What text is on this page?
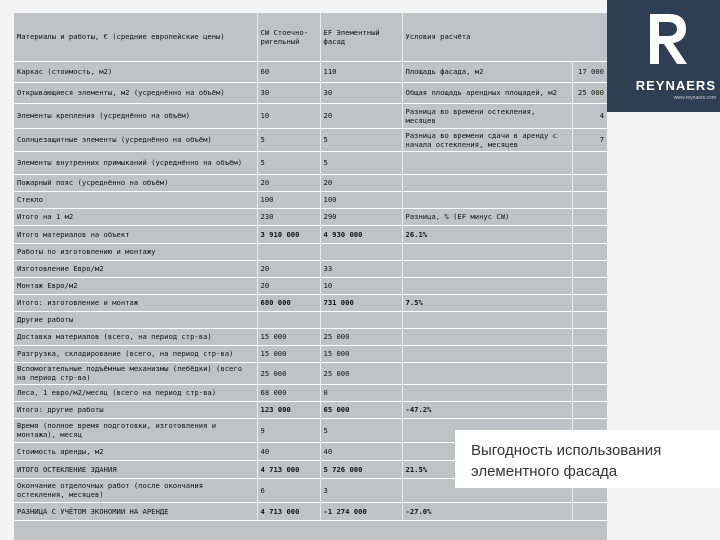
Материалы и работы, € (средние европейские цены)	CW Стоечно-ригельный	EF Элементный фасад	Условия расчёта	
Каркас (стоимость, м2)	60	110	Площадь фасада, м2	17 000
Открывающиеся элементы, м2 (усреднённо на объём)	30	30	Общая площадь арендных площадей, м2	25 000
Элементы крепления (усреднённо на объём)	10	20	Разница во времени остекления, месяцев	4
Солнцезащитные элементы (усреднённо на объём)	5	5	Разница во времени сдачи в аренду с начала остекления, месяцев	7
Элементы внутренних примыканий (усреднённо на объём)	5	5		
Пожарный пояс (усреднённо на объём)	20	20		
Стекло	100	100		
Итого на 1 м2	230	290	Разница, % (EF минус CW)	
Итого материалов на объект	3 910 000	4 930 000	26.1%	
Работы по изготовлению и монтажу				
Изготовление Евро/м2	20	33		
Монтаж Евро/м2	20	10		
Итого: изготовление и монтаж	680 000	731 000	7.5%	
Другие работы				
Доставка материалов (всего, на период стр-ва)	15 000	25 000		
Разгрузка, складирование (всего, на период стр-ва)	15 000	15 000		
Вспомогательные подъёмные механизмы (лебёдки) (всего на период стр-ва)	25 000	25 000		
Леса, 1 евро/м2/месяц (всего на период стр-ва)	68 000	0		
Итого: другие работы	123 000	65 000	-47.2%	
Время (полное время подготовки, изготовления и монтажа), месяц	9	5		
Стоимость аренды, м2	40	40		
ИТОГО ОСТЕКЛЕНИЕ ЗДАНИЯ	4 713 000	5 726 000	21.5%	
Окончание отделочных работ (после окончания остекления, месяцев)	6	3		
РАЗНИЦА С УЧЁТОМ ЭКОНОМИИ НА АРЕНДЕ	4 713 000	-1 274 000	-27.0%	
REYNAERS
www.reynaers.com
Выгодность использования
элементного фасада
